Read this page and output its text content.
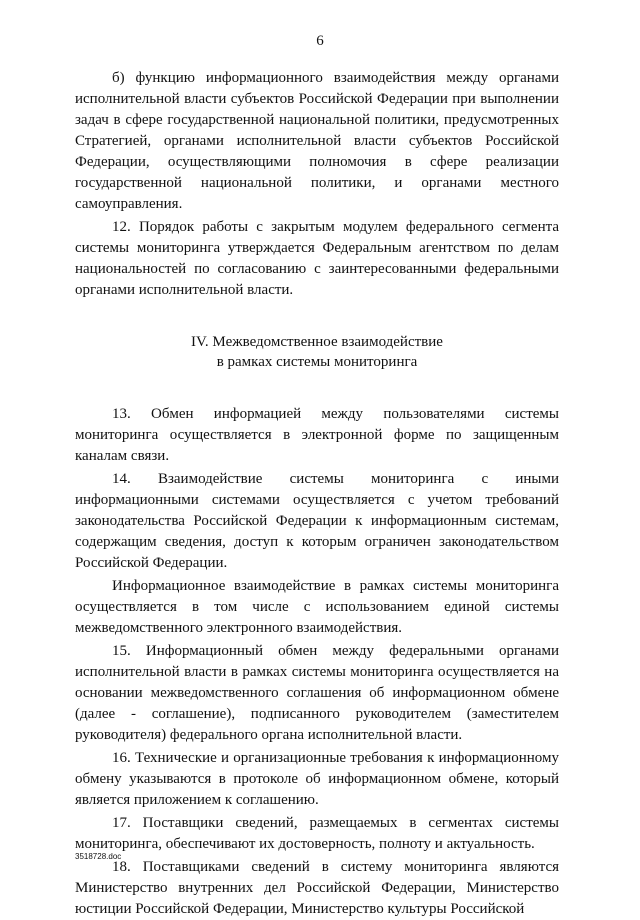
6

б) функцию информационного взаимодействия между органами исполнительной власти субъектов Российской Федерации при выполнении задач в сфере государственной национальной политики, предусмотренных Стратегией, органами исполнительной власти субъектов Российской Федерации, осуществляющими полномочия в сфере реализации государственной национальной политики, и органами местного самоуправления.

12. Порядок работы с закрытым модулем федерального сегмента системы мониторинга утверждается Федеральным агентством по делам национальностей по согласованию с заинтересованными федеральными органами исполнительной власти.

IV. Межведомственное взаимодействие
в рамках системы мониторинга

13. Обмен информацией между пользователями системы мониторинга осуществляется в электронной форме по защищенным каналам связи.

14. Взаимодействие системы мониторинга с иными информационными системами осуществляется с учетом требований законодательства Российской Федерации к информационным системам, содержащим сведения, доступ к которым ограничен законодательством Российской Федерации.

Информационное взаимодействие в рамках системы мониторинга осуществляется в том числе с использованием единой системы межведомственного электронного взаимодействия.

15. Информационный обмен между федеральными органами исполнительной власти в рамках системы мониторинга осуществляется на основании межведомственного соглашения об информационном обмене (далее - соглашение), подписанного руководителем (заместителем руководителя) федерального органа исполнительной власти.

16. Технические и организационные требования к информационному обмену указываются в протоколе об информационном обмене, который является приложением к соглашению.

17. Поставщики сведений, размещаемых в сегментах системы мониторинга, обеспечивают их достоверность, полноту и актуальность.

18. Поставщиками сведений в систему мониторинга являются Министерство внутренних дел Российской Федерации, Министерство юстиции Российской Федерации, Министерство культуры Российской

3518728.doc
